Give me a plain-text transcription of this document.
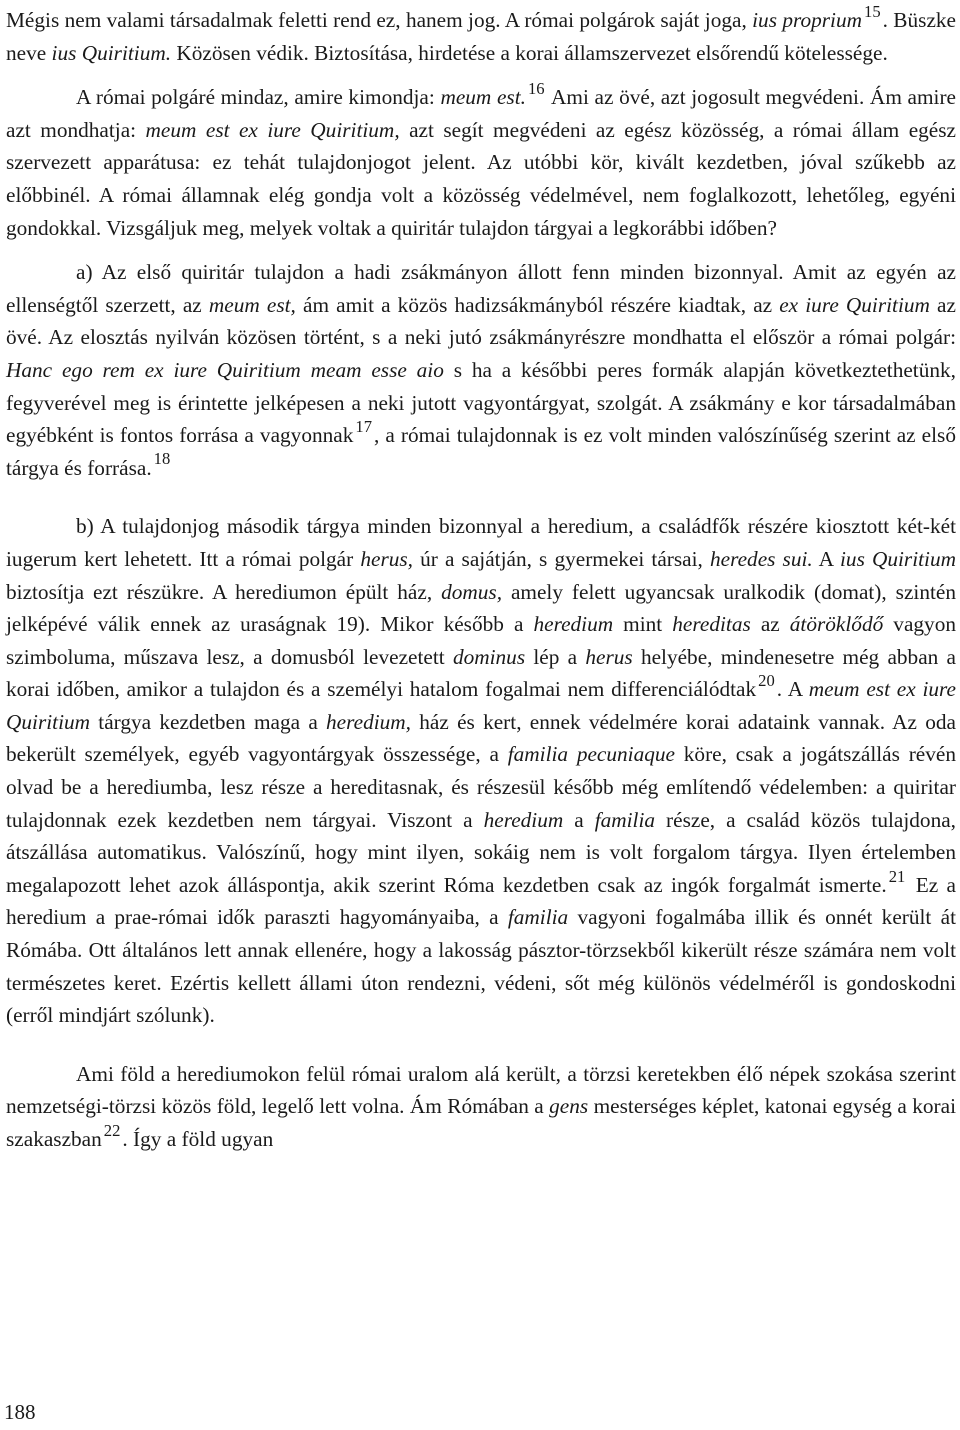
Mégis nem valami társadalmak feletti rend ez, hanem jog. A római polgárok saját joga, ius proprium $^{15}$. Büszke neve ius Quiritium. Közösen védik. Biztosítása, hirdetése a korai államszervezet elsőrendű kötelessége.

A római polgáré mindaz, amire kimondja: meum est. $^{16}$ Ami az övé, azt jogosult megvédeni. Ám amire azt mondhatja: meum est ex iure Quiritium, azt segít megvédeni az egész közösség, a római állam egész szervezett apparátusa: ez tehát tulajdonjogot jelent. Az utóbbi kör, kivált kezdetben, jóval szűkebb az előbbinél. A római államnak elég gondja volt a közösség védelmével, nem foglalkozott, lehetőleg, egyéni gondokkal. Vizsgáljuk meg, melyek voltak a quiritár tulajdon tárgyai a legkorábbi időben?

a) Az első quiritár tulajdon a hadi zsákmányon állott fenn minden bizonnyal. Amit az egyén az ellenségtől szerzett, az meum est, ám amit a közös hadizsákmányból részére kiadtak, az ex iure Quiritium az övé. Az elosztás nyilván közösen történt, s a neki jutó zsákmányrészre mondhatta el először a római polgár: Hanc ego rem ex iure Quiritium meam esse aio s ha a későbbi peres formák alapján következtethetünk, fegyverével meg is érintette jelképesen a neki jutott vagyontárgyat, szolgát. A zsákmány e kor társadalmában egyébként is fontos forrása a vagyonnak $^{17}$, a római tulajdonnak is ez volt minden valószínűség szerint az első tárgya és forrása. $^{18}$

b) A tulajdonjog második tárgya minden bizonnyal a heredium, a családfők részére kiosztott két-két iugerum kert lehetett. Itt a római polgár herus, úr a sajátján, s gyermekei társai, heredes sui. A ius Quiritium biztosítja ezt részükre. A herediumon épült ház, domus, amely felett ugyancsak uralkodik (domat), szintén jelképévé válik ennek az uraságnak 19). Mikor később a heredium mint hereditas az átöröklődő vagyon szimboluma, műszava lesz, a domusból levezetett dominus lép a herus helyébe, mindenesetre még abban a korai időben, amikor a tulajdon és a személyi hatalom fogalmai nem differenciálódtak $^{20}$. A meum est ex iure Quiritium tárgya kezdetben maga a heredium, ház és kert, ennek védelmére korai adataink vannak. Az oda bekerült személyek, egyéb vagyontárgyak összessége, a familia pecuniaque köre, csak a jogátszállás révén olvad be a herediumba, lesz része a hereditasnak, és részesül később még említendő védelemben: a quiritar tulajdonnak ezek kezdetben nem tárgyai. Viszont a heredium a familia része, a család közös tulajdona, átszállása automatikus. Valószínű, hogy mint ilyen, sokáig nem is volt forgalom tárgya. Ilyen értelemben megalapozott lehet azok álláspontja, akik szerint Róma kezdetben csak az ingók forgalmát ismerte. $^{21}$ Ez a heredium a prae-római idők paraszti hagyományaiba, a familia vagyoni fogalmába illik és onnét került át Rómába. Ott általános lett annak ellenére, hogy a lakosság pásztor-törzsekből kikerült része számára nem volt természetes keret. Ezértis kellett állami úton rendezni, védeni, sőt még különös védelméről is gondoskodni (erről mindjárt szólunk).

Ami föld a herediumokon felül római uralom alá került, a törzsi keretekben élő népek szokása szerint nemzetségi-törzsi közös föld, legelő lett volna. Ám Rómában a gens mesterséges képlet, katonai egység a korai szakaszban $^{22}$. Így a föld ugyan

188
